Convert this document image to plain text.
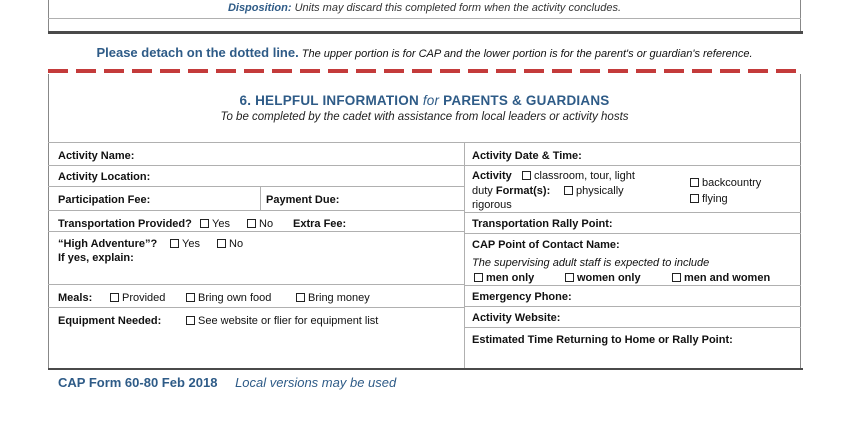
Disposition: Units may discard this completed form when the activity concludes.
Please detach on the dotted line. The upper portion is for CAP and the lower portion is for the parent's or guardian's reference.
6. HELPFUL INFORMATION for PARENTS & GUARDIANS
To be completed by the cadet with assistance from local leaders or activity hosts
Activity Name:
Activity Location:
Participation Fee:	Payment Due:
Transportation Provided?	Yes	No Extra Fee:
“High Adventure”?	Yes	No
If yes, explain:
Meals:	Provided	Bring own food	Bring money
Equipment Needed:	See website or flier for equipment list
Activity Date & Time:
Activity
duty Format(s):
rigorous
classroom, tour, light
physically
backcountry
flying
Transportation Rally Point:
CAP Point of Contact Name:
The supervising adult staff is expected to include
men only	women only	men and women
Emergency Phone:
Activity Website:
Estimated Time Returning to Home or Rally Point:
CAP Form 60-80 Feb 2018 Local versions may be used
